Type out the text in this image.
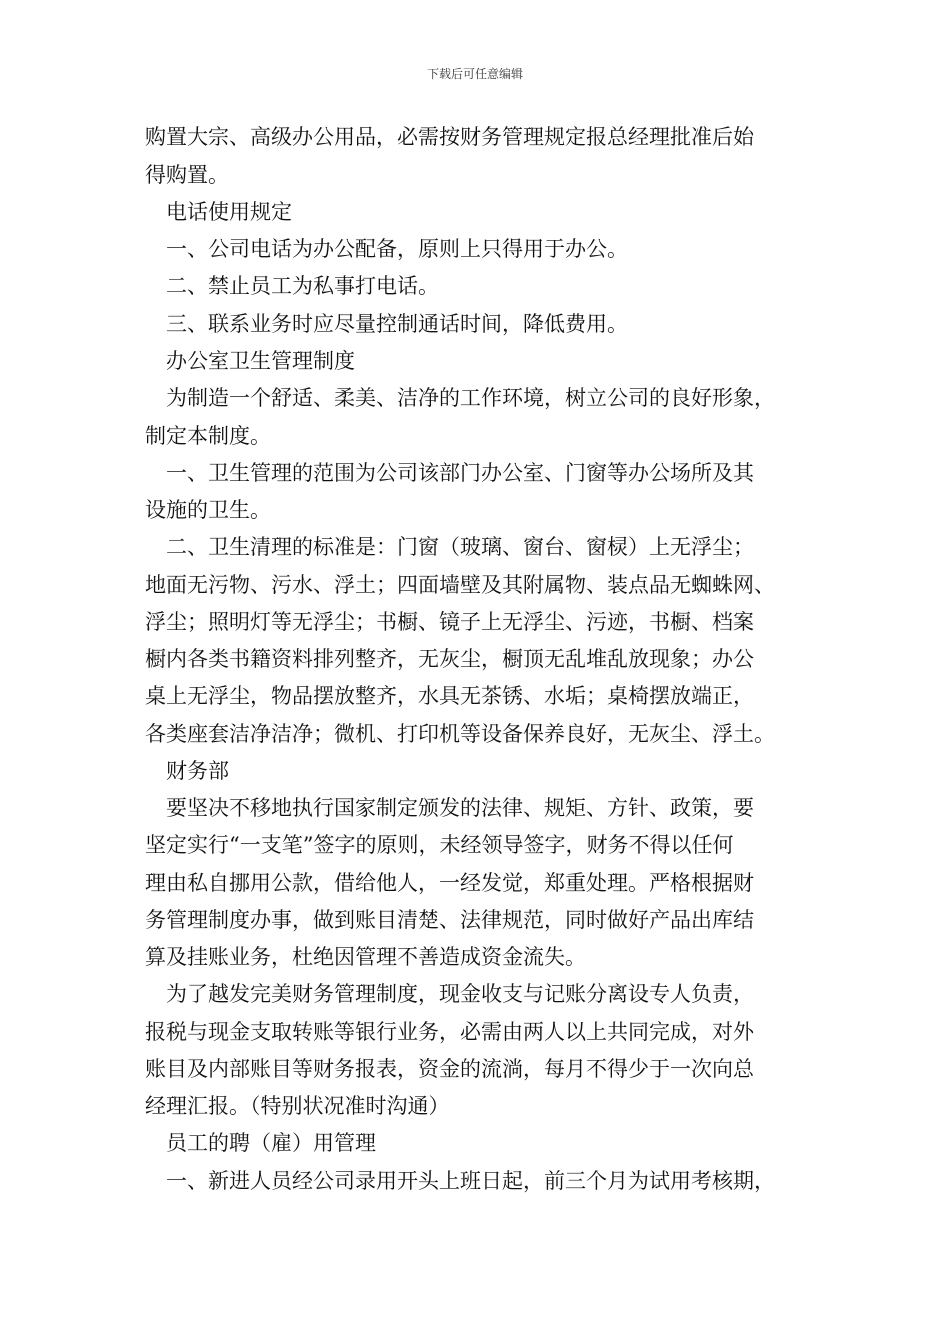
下载后可任意编辑
购置大宗、高级办公用品，必需按财务管理规定报总经理批准后始
得购置。
电话使用规定
一、公司电话为办公配备，原则上只得用于办公。
二、禁止员工为私事打电话。
三、联系业务时应尽量控制通话时间，降低费用。
办公室卫生管理制度
为制造一个舒适、柔美、洁净的工作环境，树立公司的良好形象，
制定本制度。
一、卫生管理的范围为公司该部门办公室、门窗等办公场所及其
设施的卫生。
二、卫生清理的标准是：门窗（玻璃、窗台、窗棂）上无浮尘；
地面无污物、污水、浮土；四面墙壁及其附属物、装点品无蜘蛛网、
浮尘；照明灯等无浮尘；书橱、镜子上无浮尘、污迹，书橱、档案
橱内各类书籍资料排列整齐，无灰尘，橱顶无乱堆乱放现象；办公
桌上无浮尘，物品摆放整齐，水具无茶锈、水垢；桌椅摆放端正，
各类座套洁净洁净；微机、打印机等设备保养良好，无灰尘、浮土。
财务部
要坚决不移地执行国家制定颁发的法律、规矩、方针、政策，要
坚定实行“一支笔”签字的原则，未经领导签字，财务不得以任何
理由私自挪用公款，借给他人，一经发觉，郑重处理。严格根据财
务管理制度办事，做到账目清楚、法律规范，同时做好产品出库结
算及挂账业务，杜绝因管理不善造成资金流失。
为了越发完美财务管理制度，现金收支与记账分离设专人负责，
报税与现金支取转账等银行业务，必需由两人以上共同完成，对外
账目及内部账目等财务报表，资金的流淌，每月不得少于一次向总
经理汇报。（特别状况准时沟通）
员工的聘（雇）用管理
一、新进人员经公司录用开头上班日起，前三个月为试用考核期，
